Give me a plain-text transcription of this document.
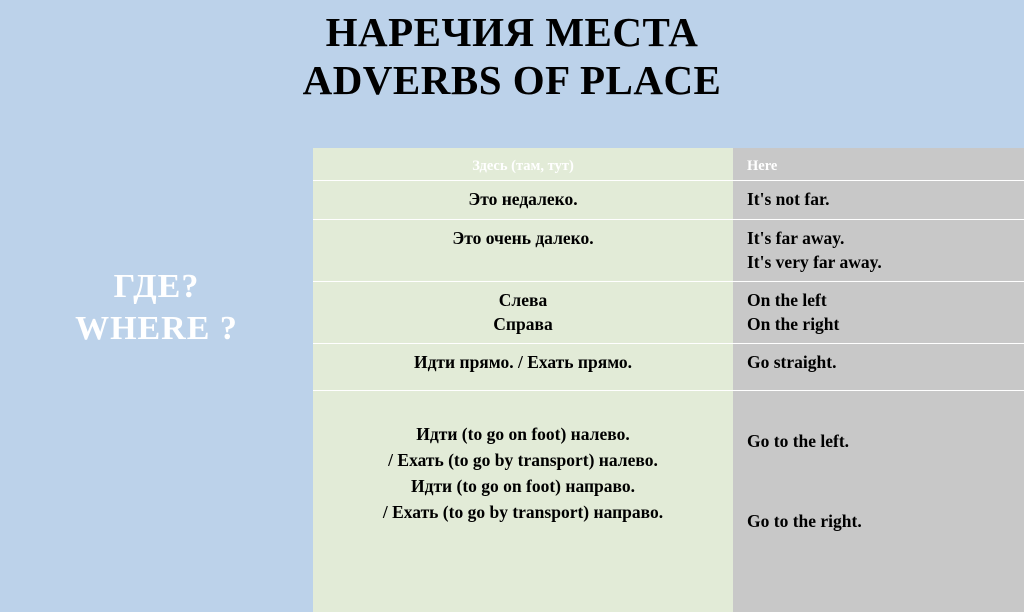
НАРЕЧИЯ МЕСТА
ADVERBS OF PLACE
ГДЕ?
WHERE ?
Здесь (там, тут)
Это недалеко.
Это очень далеко.
Слева
Справа
Идти прямо. / Ехать прямо.
Идти (to go on foot) налево.
/ Ехать (to go by transport) налево.
Идти (to go on foot) направо.
/ Ехать (to go by transport) направо.
Here
It's not far.
It's far away.
It's very far away.
On the left
On the right
Go straight.
Go to the left.

Go to the right.
